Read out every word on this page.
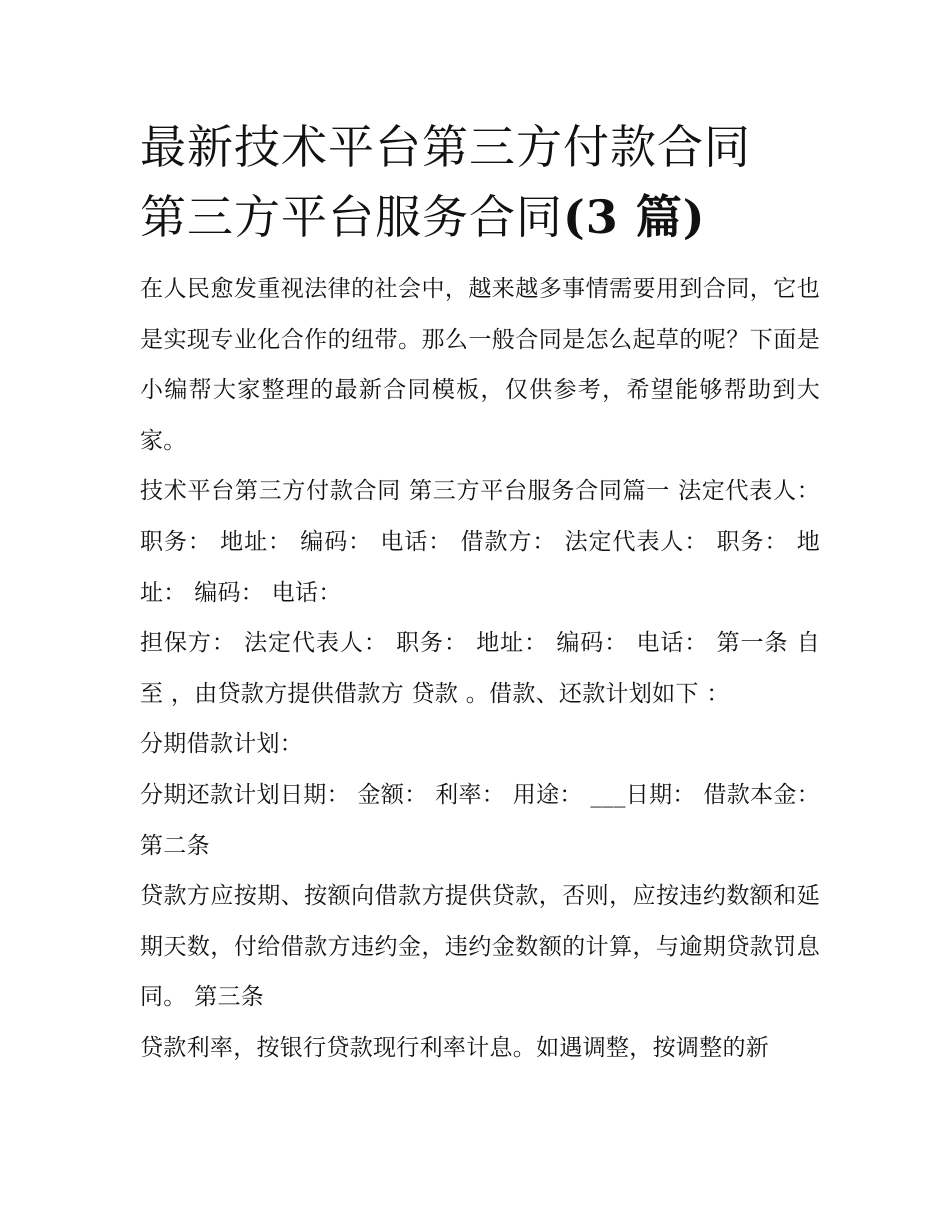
最新技术平台第三方付款合同
第三方平台服务合同(3 篇)

在人民愈发重视法律的社会中，越来越多事情需要用到合同，它也是实现专业化合作的纽带。那么一般合同是怎么起草的呢？下面是小编帮大家整理的最新合同模板，仅供参考，希望能够帮助到大家。

技术平台第三方付款合同 第三方平台服务合同篇一 法定代表人： 职务： 地址： 编码： 电话： 借款方： 法定代表人： 职务： 地址： 编码： 电话：

担保方： 法定代表人： 职务： 地址： 编码： 电话： 第一条 自 至 ，由贷款方提供借款方 贷款 。借款、还款计划如下 ：

分期借款计划：

分期还款计划日期： 金额： 利率： 用途： ___日期： 借款本金： 第二条

贷款方应按期、按额向借款方提供贷款，否则，应按违约数额和延期天数，付给借款方违约金，违约金数额的计算，与逾期贷款罚息同。 第三条

贷款利率，按银行贷款现行利率计息。如遇调整，按调整的新
